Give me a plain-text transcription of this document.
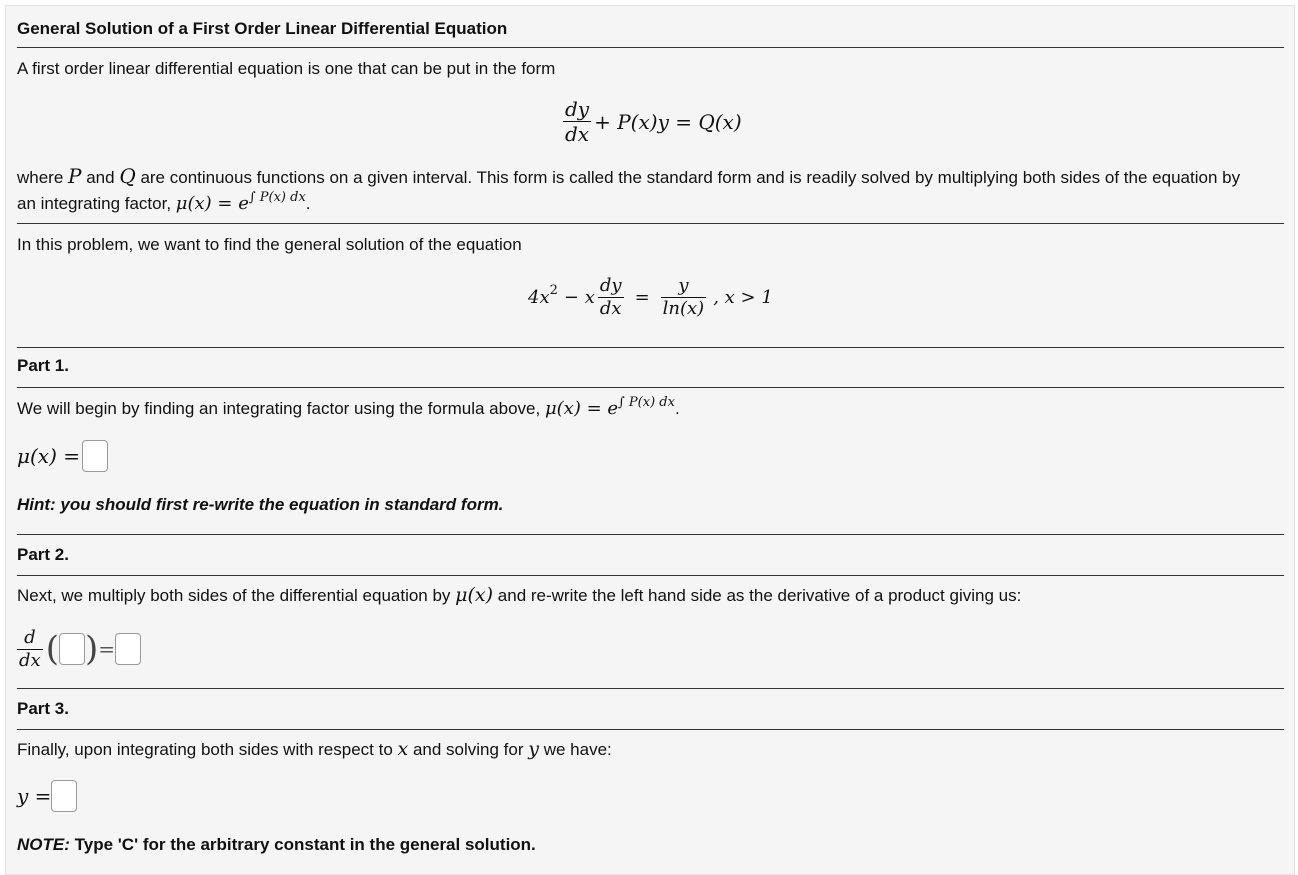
General Solution of a First Order Linear Differential Equation
A first order linear differential equation is one that can be put in the form
$\frac{dy}{dx} + P(x)y = Q(x)$
where P and Q are continuous functions on a given interval. This form is called the standard form and is readily solved by multiplying both sides of the equation by
an integrating factor, $\mu(x) = e^{\int P(x) dx}$.
In this problem, we want to find the general solution of the equation
4x 2 − x $\frac{dy}{dx} = \frac{y}{\ln(x)}$ , x > 1
Part 1.
We will begin by finding an integrating factor using the formula above, $\mu(x) = e^{\int P(x) dx}$.
μ(x) =
Hint: you should first re-write the equation in standard form.
Part 2.
Next, we multiply both sides of the differential equation by μ(x) and re-write the left hand side as the derivative of a product giving us:
$\frac{d}{dx}$ ( ) =
Part 3.
Finally, upon integrating both sides with respect to x and solving for y we have:
y =
NOTE: Type 'C' for the arbitrary constant in the general solution.
